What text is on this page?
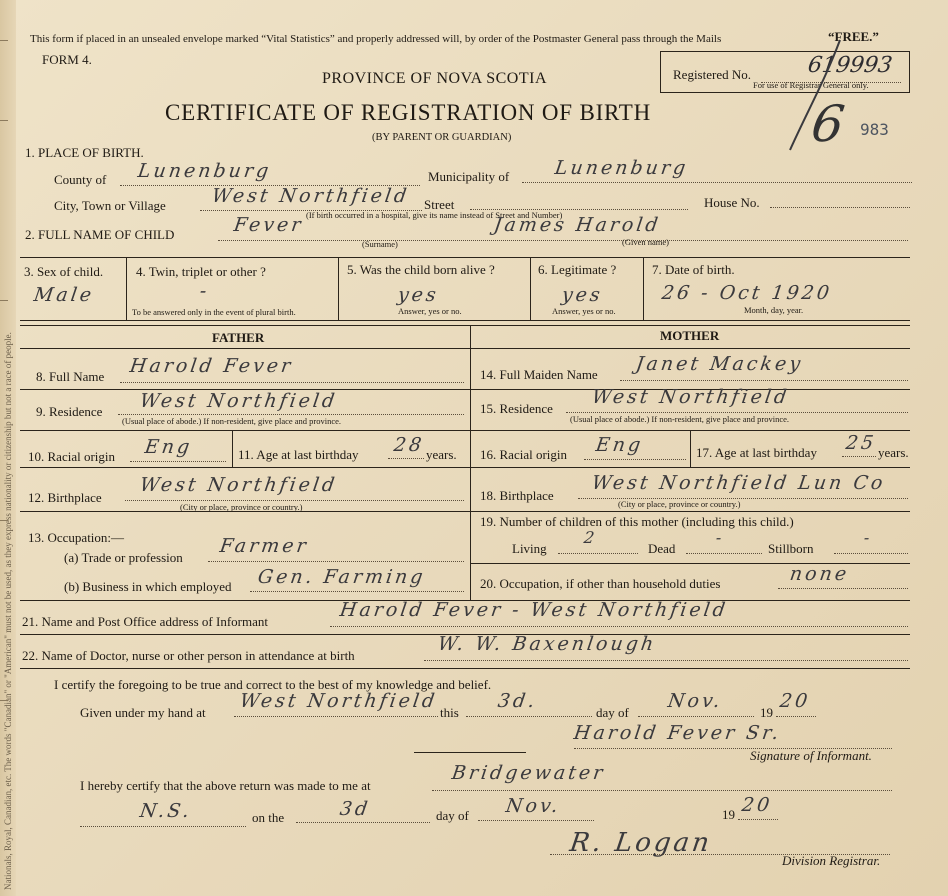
Nationals, Royal, Canadian, etc. The words "Canadian" or "American" must not be used, as they express nationality or citizenship but not a race of people.
This form if placed in an unsealed envelope marked “Vital Statistics” and properly addressed will, by order of the Postmaster General pass through the Mails	“FREE.”
FORM 4.
PROVINCE OF NOVA SCOTIA
CERTIFICATE OF REGISTRATION OF BIRTH
(BY PARENT OR GUARDIAN)
Registered No.
For use of Registrar General only.
619993
6 983
1. PLACE OF BIRTH.
County of Lunenburg	Municipality of Lunenburg
City, Town or Village West Northfield Street	House No.
(If birth occurred in a hospital, give its name instead of Street and Number)
2. FULL NAME OF CHILD	Fever	James Harold
(Surname)	(Given name)
3. Sex of child.
Male
4. Twin, triplet or other ?
-
To be answered only in the event of plural birth.
5. Was the child born alive ?
yes
Answer, yes or no.
6. Legitimate ?
yes
Answer, yes or no.
7. Date of birth.
26 - Oct 1920
Month, day, year.
FATHER	MOTHER
8. Full Name Harold Fever	14. Full Maiden Name Janet Mackey
9. Residence West Northfield
(Usual place of abode.) If non-resident, give place and province.
15. Residence
West Northfield
(Usual place of abode.) If non-resident, give place and province.
10. Racial origin Eng	11. Age at last birthday 28 years. 16. Racial origin Eng	17. Age at last birthday 25 years.
12. Birthplace
West Northfield
(City or place, province or country.)
18. Birthplace
West Northfield Lun Co
(City or place, province or country.)
13. Occupation:—
(a) Trade or profession
Farmer
19. Number of children of this mother (including this child.)
Living
2
Dead
-
Stillborn
-
(b) Business in which employed Gen. Farming	20. Occupation, if other than household duties	none
21. Name and Post Office address of Informant
Harold Fever - West Northfield
22. Name of Doctor, nurse or other person in attendance at birth
W. W. Baxenlough
I certify the foregoing to be true and correct to the best of my knowledge and belief.
Given under my hand at
West Northfield
this
3d.
day of
Nov.
19
20
Harold Fever Sr.
Signature of Informant.
I hereby certify that the above return was made to me at
Bridgewater
N.S.	on the	3d	day of Nov.	19 20
R. Logan
Division Registrar.
